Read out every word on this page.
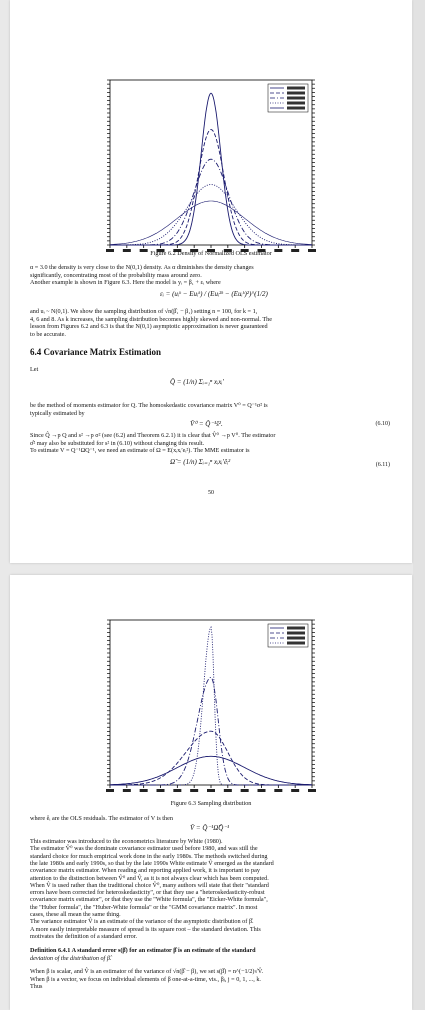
Figure 6.2 Density of Normalized OLS estimator
α = 3.0 the density is very close to the N(0,1) density. As α diminishes the density changes
significantly, concentrating most of the probability mass around zero.
Another example is shown in Figure 6.3. Here the model is yᵢ = β₁ + εᵢ where
εᵢ = (uᵢᵏ − Euᵢᵏ) / (Euᵢ²ᵏ − (Euᵢᵏ)²)^(1/2)
and uᵢ ~ N(0,1). We show the sampling distribution of √n(β̂₁ − β₁) setting n = 100, for k = 1,
4, 6 and 8. As k increases, the sampling distribution becomes highly skewed and non-normal. The
lesson from Figures 6.2 and 6.3 is that the N(0,1) asymptotic approximation is never guaranteed
to be accurate.
6.4 Covariance Matrix Estimation
Let
Q̂ = (1/n) Σᵢ₌₁ⁿ xᵢxᵢ′
be the method of moments estimator for Q. The homoskedastic covariance matrix V⁰ = Q⁻¹σ² is
typically estimated by
V̂⁰ = Q̂⁻¹ŝ².	(6.10)
Since Q̂ →p Q and s² →p σ² (see (6.2) and Theorem 6.2.1) it is clear that V̂⁰ →p V⁰. The estimator
σ̂² may also be substituted for s² in (6.10) without changing this result.
To estimate V = Q⁻¹ΩQ⁻¹, we need an estimate of Ω = E(xᵢxᵢ′eᵢ²). The MME estimator is
Ω̂ = (1/n) Σᵢ₌₁ⁿ xᵢxᵢ′êᵢ²	(6.11)
50
Figure 6.3 Sampling distribution
where êᵢ are the OLS residuals. The estimator of V is then
V̂ = Q̂⁻¹Ω̂Q̂⁻¹
This estimator was introduced to the econometrics literature by White (1980).
The estimator V̂⁰ was the dominate covariance estimator used before 1980, and was still the
standard choice for much empirical work done in the early 1980s. The methods switched during
the late 1980s and early 1990s, so that by the late 1990s White estimate V̂ emerged as the standard
covariance matrix estimator. When reading and reporting applied work, it is important to pay
attention to the distinction between V̂⁰ and V̂, as it is not always clear which has been computed.
When V̂ is used rather than the traditional choice V̂⁰, many authors will state that their "standard
errors have been corrected for heteroskedasticity", or that they use a "heteroskedasticity-robust
covariance matrix estimator", or that they use the "White formula", the "Eicker-White formula",
the "Huber formula", the "Huber-White formula" or the "GMM covariance matrix". In most
cases, these all mean the same thing.
The variance estimator V̂ is an estimate of the variance of the asymptotic distribution of β̂.
A more easily interpretable measure of spread is its square root – the standard deviation. This
motivates the definition of a standard error.
Definition 6.4.1 A standard error s(β̂) for an estimator β̂ is an estimate of the standard
deviation of the distribution of β̂.
When β is scalar, and V̂ is an estimator of the variance of √n(β̂ − β), we set s(β̂) = n^(−1/2)√V̂.
When β is a vector, we focus on individual elements of β one-at-a-time, vis., βⱼ, j = 0, 1, ..., k.
Thus
